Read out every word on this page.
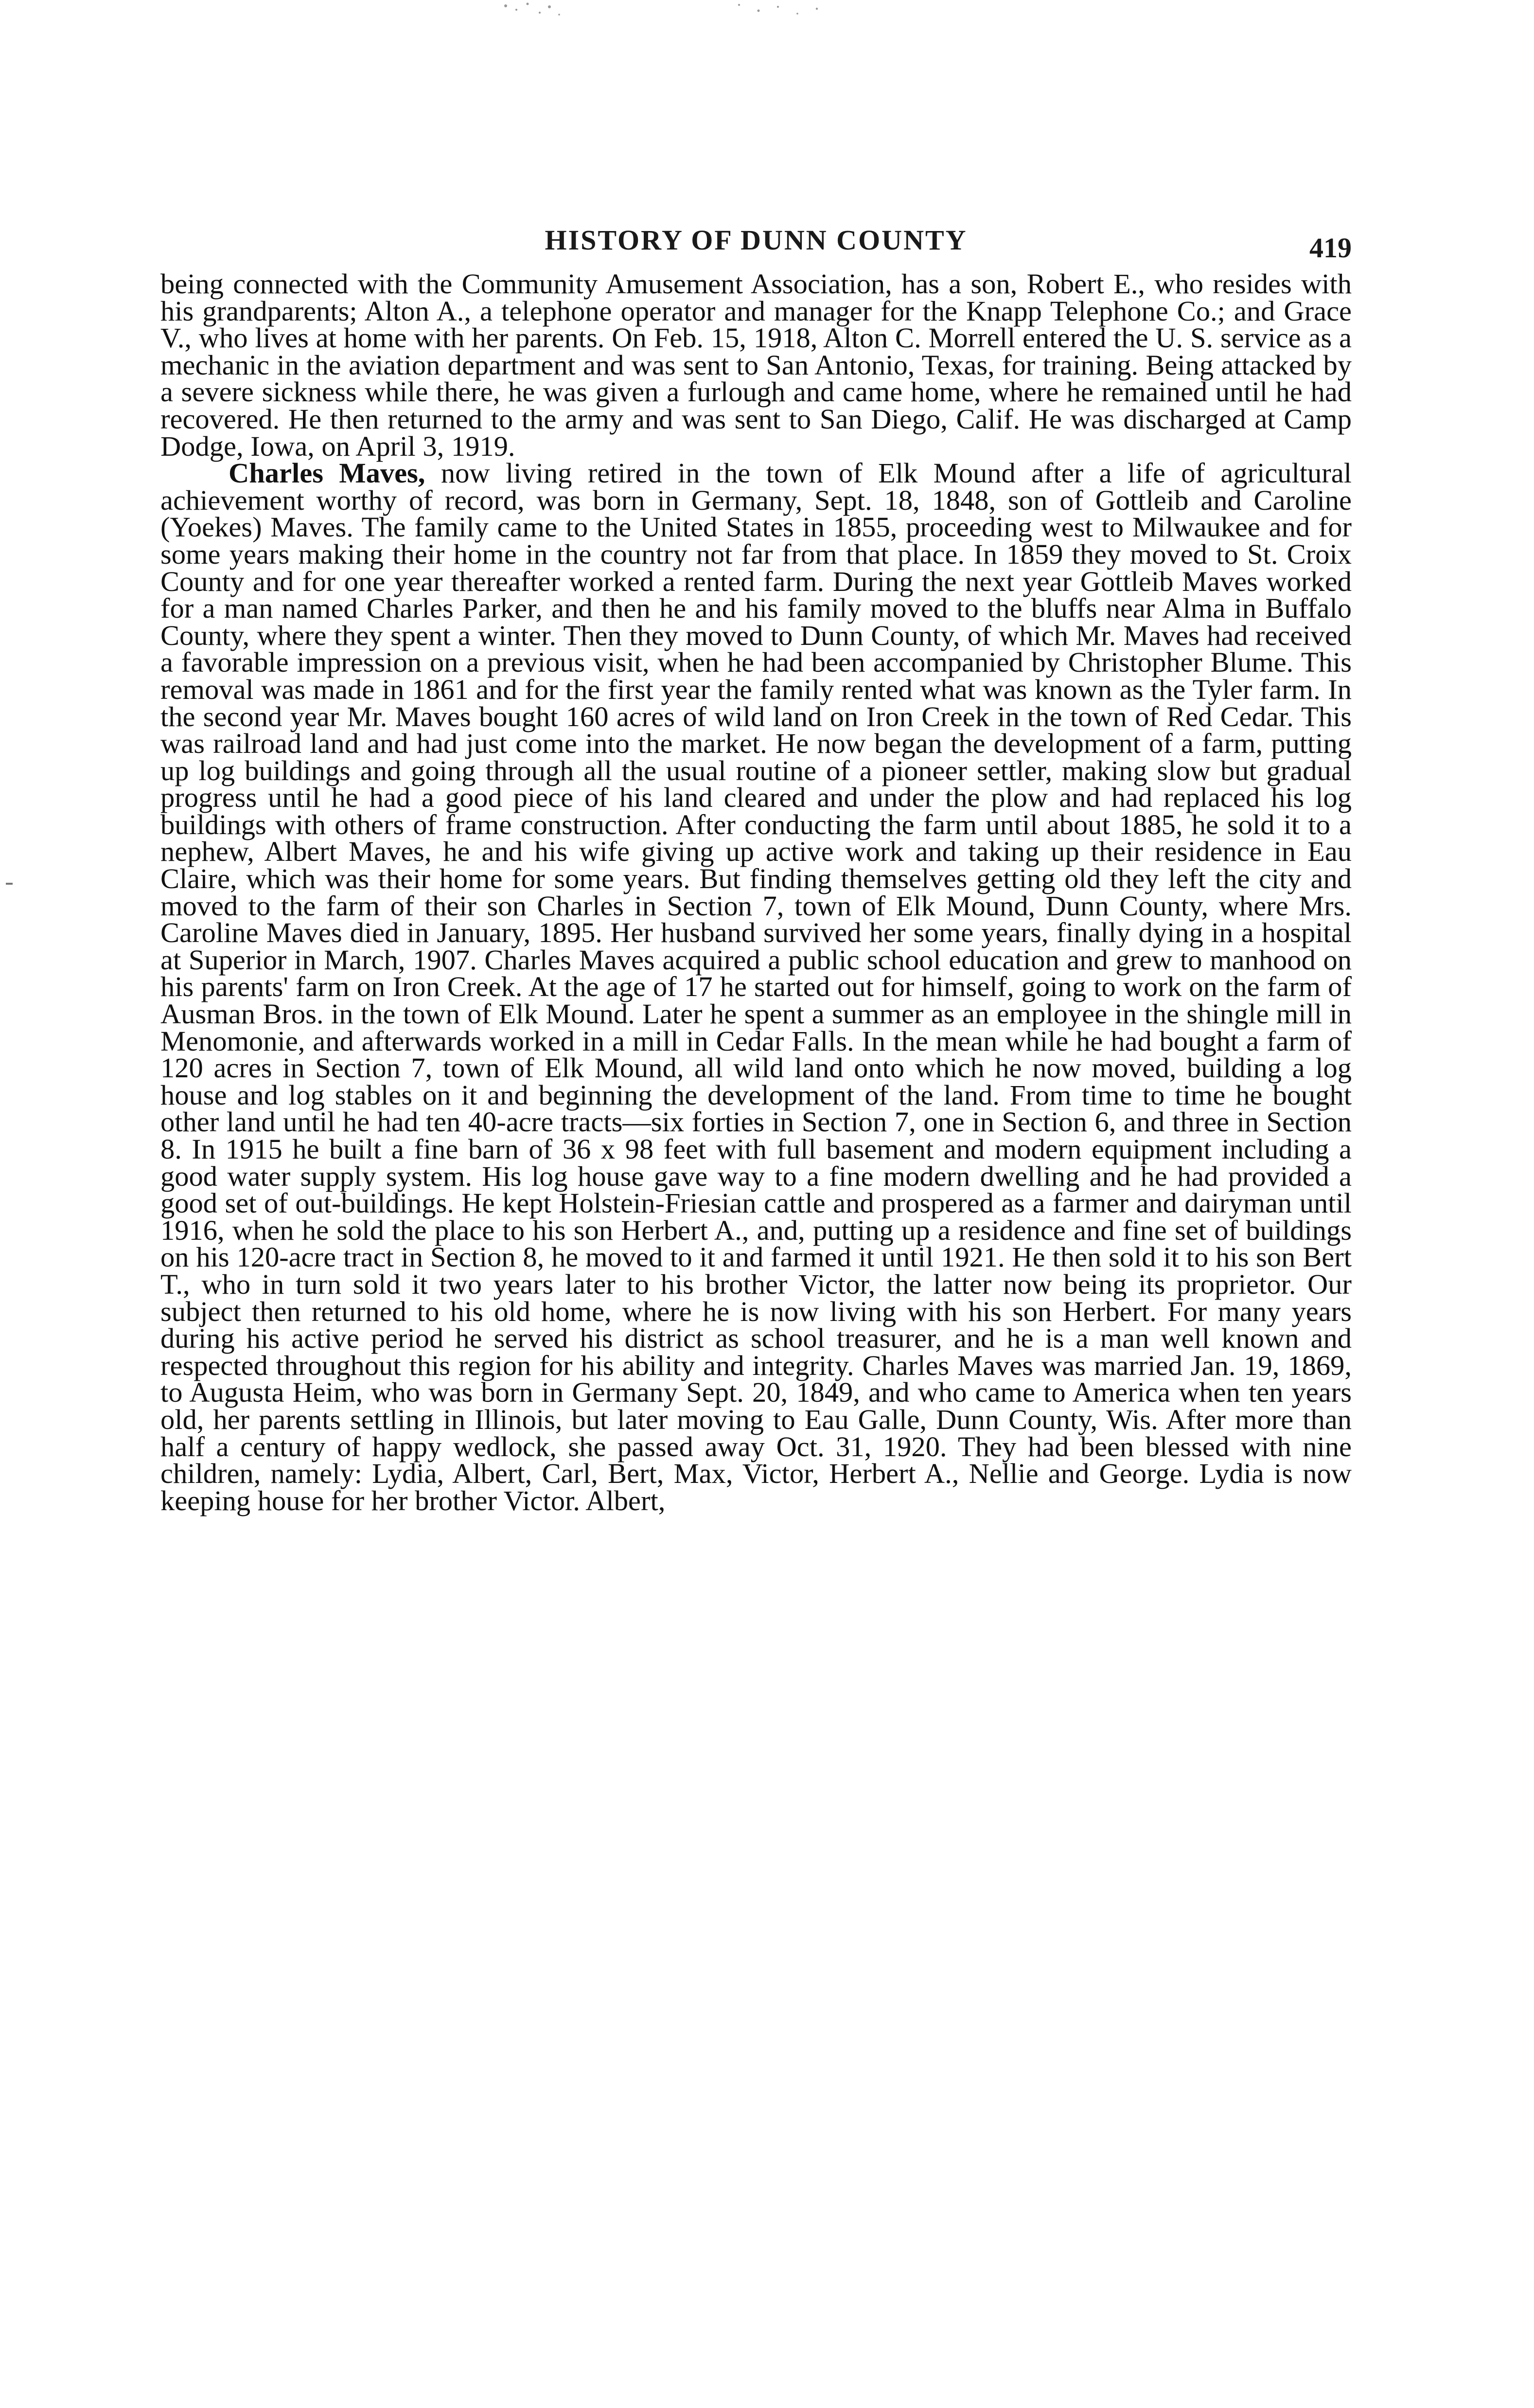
HISTORY OF DUNN COUNTY	419

being connected with the Community Amusement Association, has a son, Robert E., who resides with his grandparents; Alton A., a telephone operator and manager for the Knapp Telephone Co.; and Grace V., who lives at home with her parents. On Feb. 15, 1918, Alton C. Morrell entered the U. S. service as a mechanic in the aviation department and was sent to San Antonio, Texas, for training. Being attacked by a severe sickness while there, he was given a furlough and came home, where he remained until he had recovered. He then returned to the army and was sent to San Diego, Calif. He was discharged at Camp Dodge, Iowa, on April 3, 1919.

Charles Maves, now living retired in the town of Elk Mound after a life of agricultural achievement worthy of record, was born in Germany, Sept. 18, 1848, son of Gottleib and Caroline (Yoekes) Maves. The family came to the United States in 1855, proceeding west to Milwaukee and for some years making their home in the country not far from that place. In 1859 they moved to St. Croix County and for one year thereafter worked a rented farm. During the next year Gottleib Maves worked for a man named Charles Parker, and then he and his family moved to the bluffs near Alma in Buffalo County, where they spent a winter. Then they moved to Dunn County, of which Mr. Maves had received a favorable impression on a previous visit, when he had been accompanied by Christopher Blume. This removal was made in 1861 and for the first year the family rented what was known as the Tyler farm. In the second year Mr. Maves bought 160 acres of wild land on Iron Creek in the town of Red Cedar. This was railroad land and had just come into the market. He now began the development of a farm, putting up log buildings and going through all the usual routine of a pioneer settler, making slow but gradual progress until he had a good piece of his land cleared and under the plow and had replaced his log buildings with others of frame construction. After conducting the farm until about 1885, he sold it to a nephew, Albert Maves, he and his wife giving up active work and taking up their residence in Eau Claire, which was their home for some years. But finding themselves getting old they left the city and moved to the farm of their son Charles in Section 7, town of Elk Mound, Dunn County, where Mrs. Caroline Maves died in January, 1895. Her husband survived her some years, finally dying in a hospital at Superior in March, 1907. Charles Maves acquired a public school education and grew to manhood on his parents' farm on Iron Creek. At the age of 17 he started out for himself, going to work on the farm of Ausman Bros. in the town of Elk Mound. Later he spent a summer as an employee in the shingle mill in Menomonie, and afterwards worked in a mill in Cedar Falls. In the mean while he had bought a farm of 120 acres in Section 7, town of Elk Mound, all wild land onto which he now moved, building a log house and log stables on it and beginning the development of the land. From time to time he bought other land until he had ten 40-acre tracts—six forties in Section 7, one in Section 6, and three in Section 8. In 1915 he built a fine barn of 36 x 98 feet with full basement and modern equipment including a good water supply system. His log house gave way to a fine modern dwelling and he had provided a good set of out-buildings. He kept Holstein-Friesian cattle and prospered as a farmer and dairyman until 1916, when he sold the place to his son Herbert A., and, putting up a residence and fine set of buildings on his 120-acre tract in Section 8, he moved to it and farmed it until 1921. He then sold it to his son Bert T., who in turn sold it two years later to his brother Victor, the latter now being its proprietor. Our subject then returned to his old home, where he is now living with his son Herbert. For many years during his active period he served his district as school treasurer, and he is a man well known and respected throughout this region for his ability and integrity. Charles Maves was married Jan. 19, 1869, to Augusta Heim, who was born in Germany Sept. 20, 1849, and who came to America when ten years old, her parents settling in Illinois, but later moving to Eau Galle, Dunn County, Wis. After more than half a century of happy wedlock, she passed away Oct. 31, 1920. They had been blessed with nine children, namely: Lydia, Albert, Carl, Bert, Max, Victor, Herbert A., Nellie and George. Lydia is now keeping house for her brother Victor. Albert,
